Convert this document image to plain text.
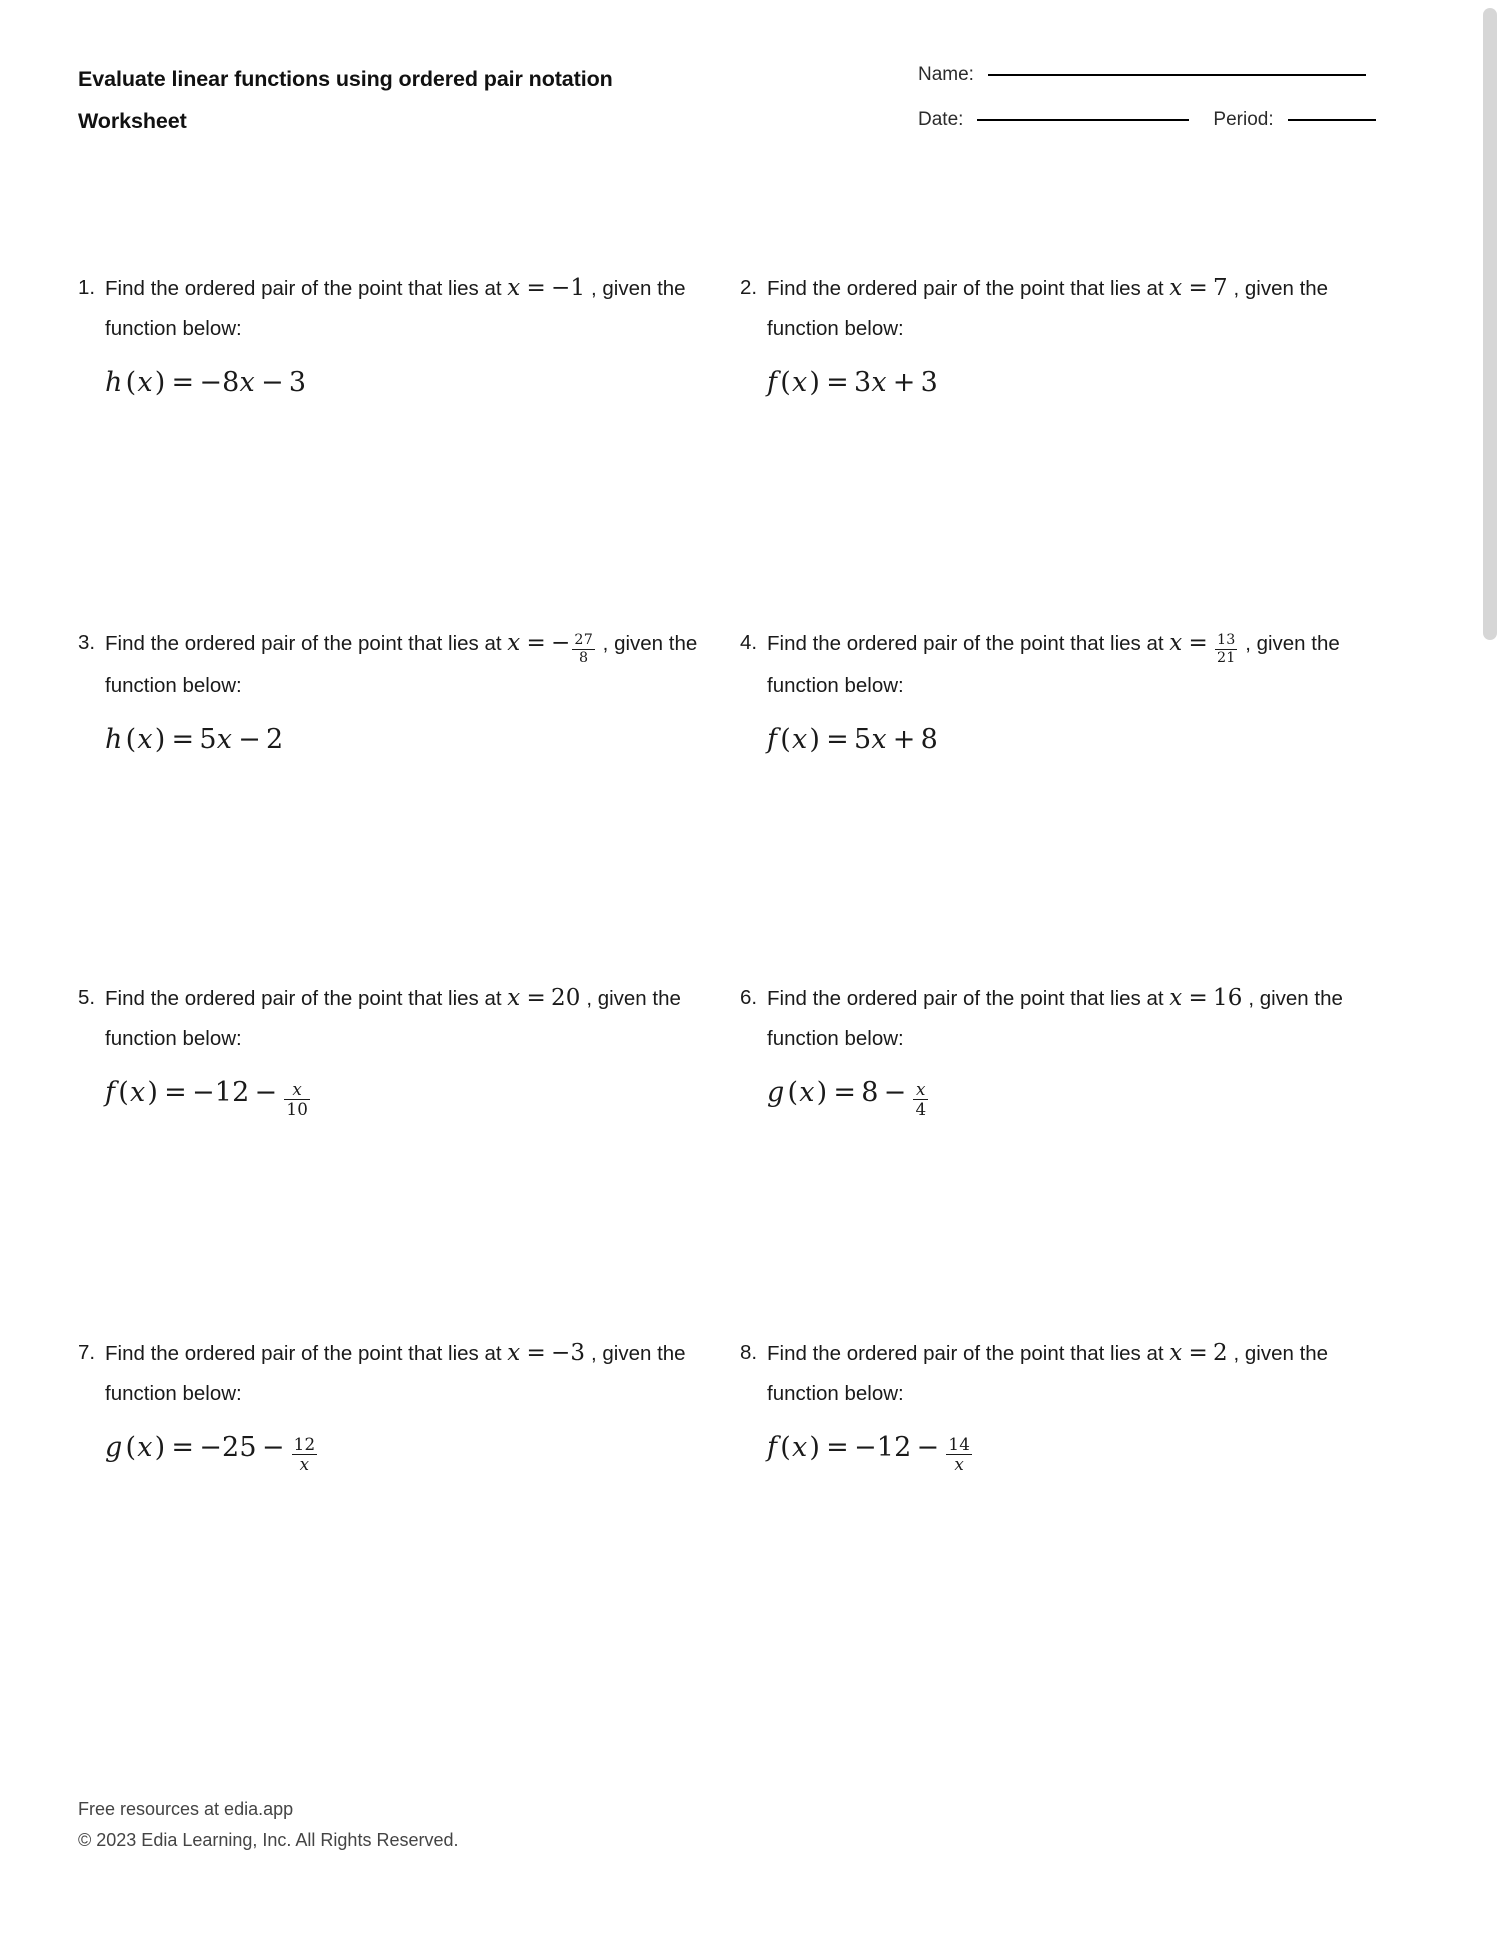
Evaluate linear functions using ordered pair notation
Worksheet
Name:
Date:	Period:
1. Find the ordered pair of the point that lies at x = −1 , given the function below:
h (x) = −8x − 3
2. Find the ordered pair of the point that lies at x = 7 , given the function below:
f (x) = 3x + 3
3. Find the ordered pair of the point that lies at x = − $\frac{27}{8}$ , given the function below:
h (x) = 5x − 2
4. Find the ordered pair of the point that lies at $x = \frac{13}{21}$ , given the function below:
f (x) = 5x + 8
5. Find the ordered pair of the point that lies at x = 20 , given the function below:
f $(x) = -12 - \frac{x}{10}$
6. Find the ordered pair of the point that lies at x = 16 , given the function below:
g $(x) = 8 - \frac{x}{4}$
7. Find the ordered pair of the point that lies at x = −3 , given the function below:
g $(x) = -25 - \frac{12}{x}$
8. Find the ordered pair of the point that lies at x = 2 , given the function below:
f $(x) = -12 - \frac{14}{x}$
Free resources at edia.app
© 2023 Edia Learning, Inc. All Rights Reserved.
